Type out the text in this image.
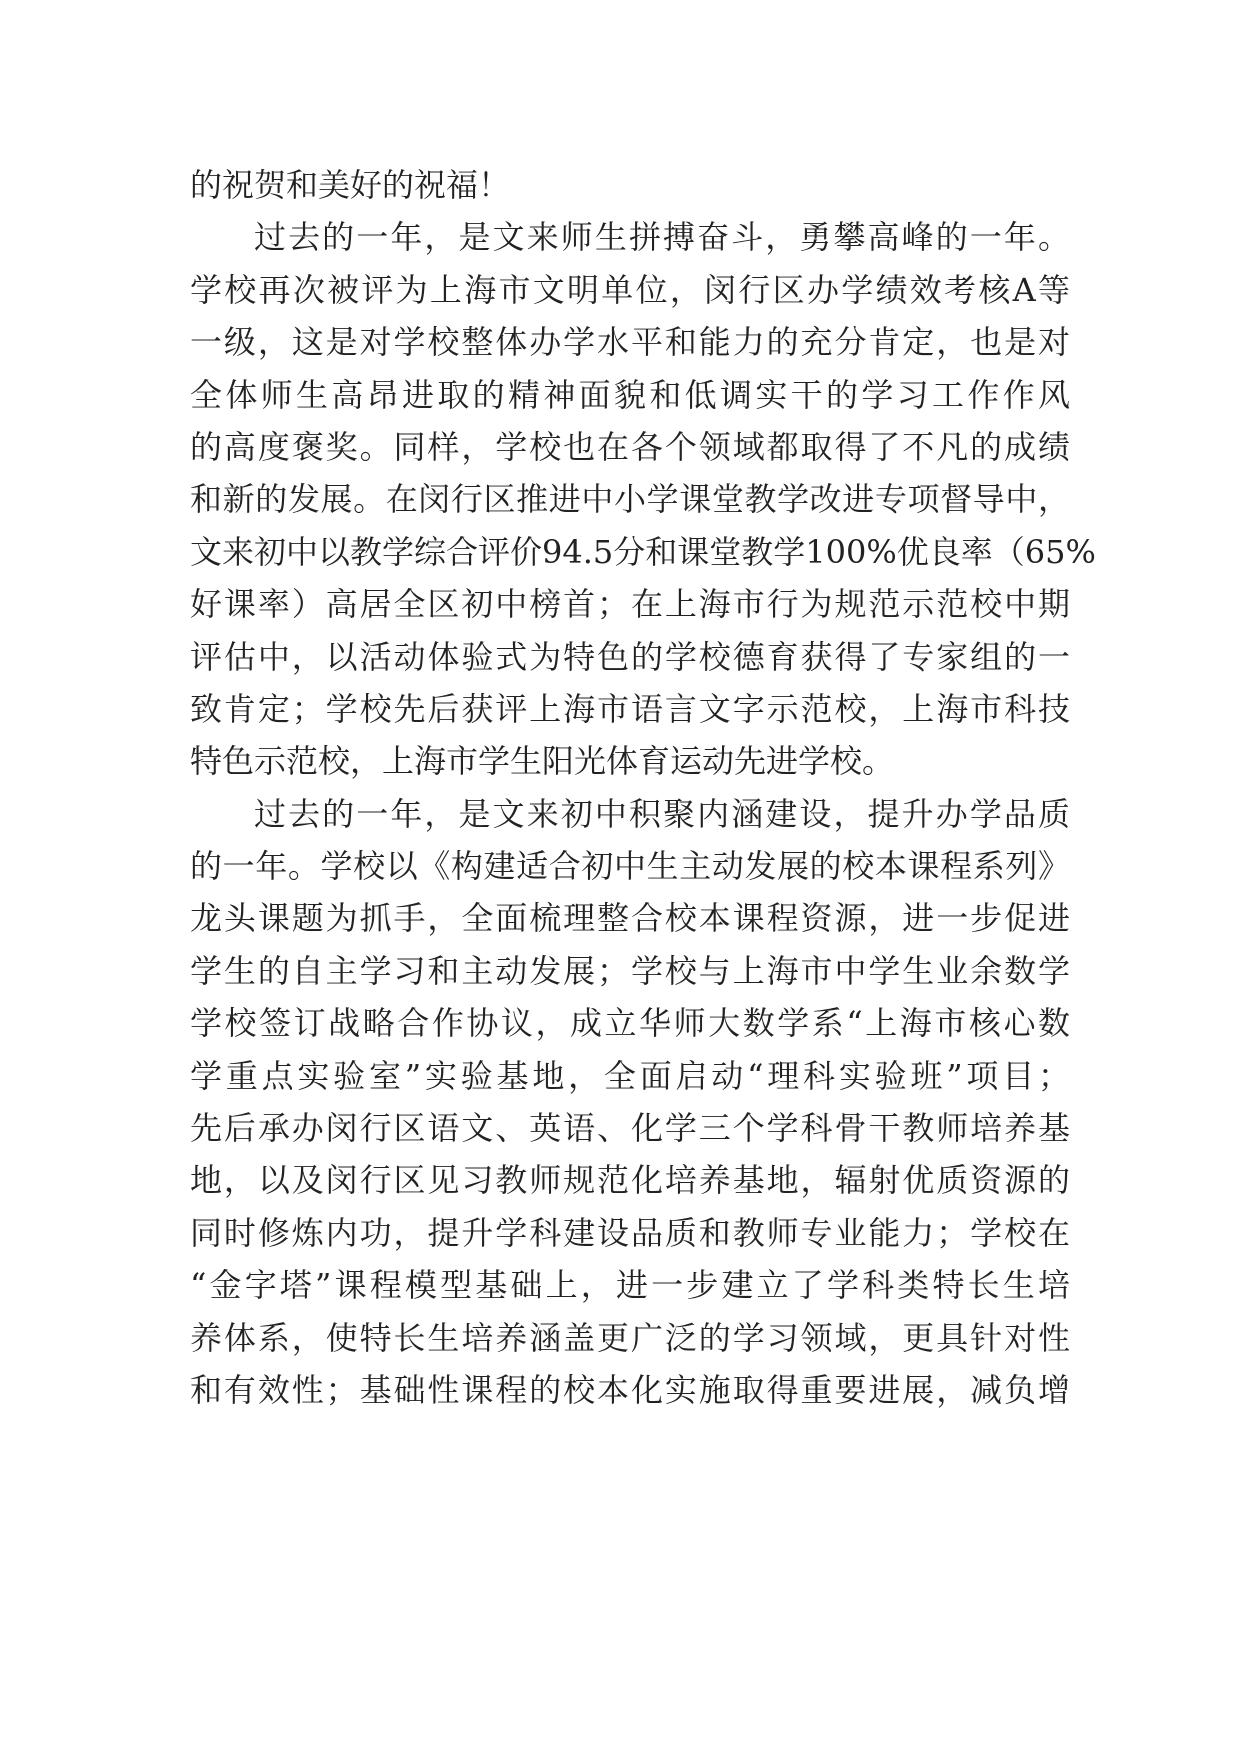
的祝贺和美好的祝福！
过去的一年，是文来师生拼搏奋斗，勇攀高峰的一年。
学校再次被评为上海市文明单位，闵行区办学绩效考核A等
一级，这是对学校整体办学水平和能力的充分肯定，也是对
全体师生高昂进取的精神面貌和低调实干的学习工作作风
的高度褒奖。同样，学校也在各个领域都取得了不凡的成绩
和新的发展。在闵行区推进中小学课堂教学改进专项督导中，
文来初中以教学综合评价94.5分和课堂教学100%优良率（65%
好课率）高居全区初中榜首；在上海市行为规范示范校中期
评估中，以活动体验式为特色的学校德育获得了专家组的一
致肯定；学校先后获评上海市语言文字示范校，上海市科技
特色示范校，上海市学生阳光体育运动先进学校。
过去的一年，是文来初中积聚内涵建设，提升办学品质
的一年。学校以《构建适合初中生主动发展的校本课程系列》
龙头课题为抓手，全面梳理整合校本课程资源，进一步促进
学生的自主学习和主动发展；学校与上海市中学生业余数学
学校签订战略合作协议，成立华师大数学系“上海市核心数
学重点实验室”实验基地，全面启动“理科实验班”项目；
先后承办闵行区语文、英语、化学三个学科骨干教师培养基
地，以及闵行区见习教师规范化培养基地，辐射优质资源的
同时修炼内功，提升学科建设品质和教师专业能力；学校在
“金字塔”课程模型基础上，进一步建立了学科类特长生培
养体系，使特长生培养涵盖更广泛的学习领域，更具针对性
和有效性；基础性课程的校本化实施取得重要进展，减负增
